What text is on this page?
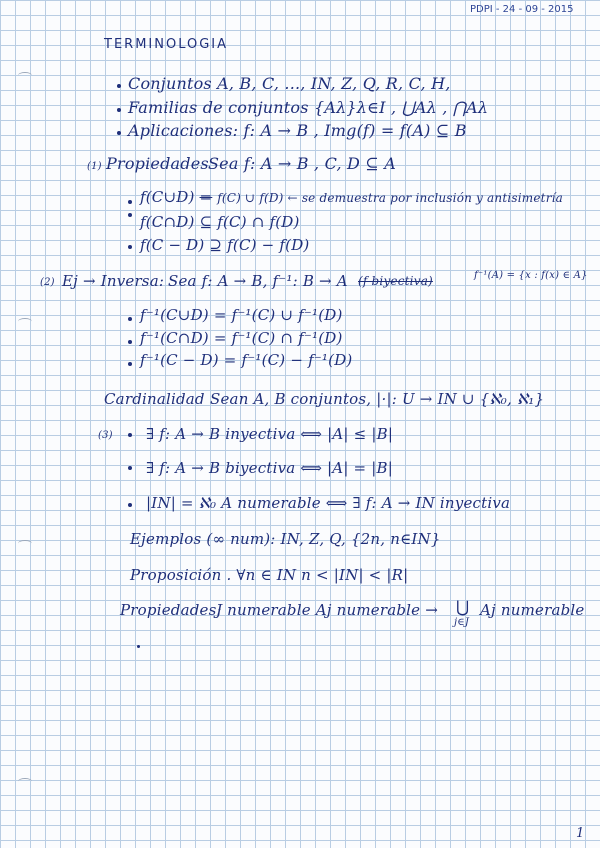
PDPI - 24 - 09 - 2015
TERMINOLOGIA
Conjuntos A, B, C, ..., IN, Z, Q, R, C, H,
Familias de conjuntos {Aλ}λ∈I , ⋃Aλ , ⋂Aλ
Aplicaciones: f: A → B , Img(f) = f(A) ⊆ B
(1) Propiedades Sea f: A → B , C, D ⊆ A
f(C∪D) = f(C) ∪ f(D) ← se demuestra por inclusión y antisimetría
f(C∩D) ⊆ f(C) ∩ f(D)
f(C − D) ⊇ f(C) − f(D)
(2) Ej → Inversa: Sea f: A → B, f⁻¹: B → A (f biyectiva)	f⁻¹(A) = {x : f(x) ∈ A}
f⁻¹(C∪D) = f⁻¹(C) ∪ f⁻¹(D)
f⁻¹(C∩D) = f⁻¹(C) ∩ f⁻¹(D)
f⁻¹(C − D) = f⁻¹(C) − f⁻¹(D)
Cardinalidad Sean A, B conjuntos, |·|: U → IN ∪ {ℵ₀, ℵ₁}
(3) ∃ f: A → B inyectiva ⟺ |A| ≤ |B|
∃ f: A → B biyectiva ⟺ |A| = |B|
|IN| = ℵ₀ A numerable ⟺ ∃ f: A → IN inyectiva
Ejemplos (∞ num): IN, Z, Q, {2n, n∈IN}
Proposición . ∀n ∈ IN n < |IN| < |R|
Propiedades:
J numerable Aj numerable → ⋃
j∈J
Aj numerable
1
